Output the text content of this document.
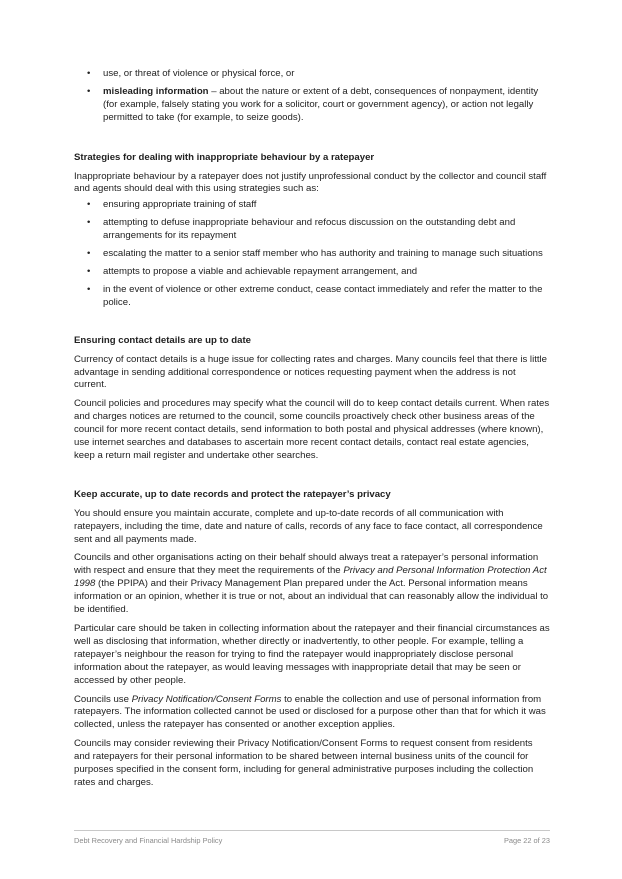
• use, or threat of violence or physical force, or
• misleading information – about the nature or extent of a debt, consequences of nonpayment, identity (for example, falsely stating you work for a solicitor, court or government agency), or action not legally permitted to take (for example, to seize goods).
Strategies for dealing with inappropriate behaviour by a ratepayer

Inappropriate behaviour by a ratepayer does not justify unprofessional conduct by the collector and council staff and agents should deal with this using strategies such as:

• ensuring appropriate training of staff
• attempting to defuse inappropriate behaviour and refocus discussion on the outstanding debt and arrangements for its repayment
• escalating the matter to a senior staff member who has authority and training to manage such situations
• attempts to propose a viable and achievable repayment arrangement, and
• in the event of violence or other extreme conduct, cease contact immediately and refer the matter to the police.
Ensuring contact details are up to date

Currency of contact details is a huge issue for collecting rates and charges. Many councils feel that there is little advantage in sending additional correspondence or notices requesting payment when the address is not current.

Council policies and procedures may specify what the council will do to keep contact details current. When rates and charges notices are returned to the council, some councils proactively check other business areas of the council for more recent contact details, send information to both postal and physical addresses (where known), use internet searches and databases to ascertain more recent contact details, contact real estate agencies, keep a return mail register and undertake other searches.

Keep accurate, up to date records and protect the ratepayer’s privacy

You should ensure you maintain accurate, complete and up-to-date records of all communication with ratepayers, including the time, date and nature of calls, records of any face to face contact, all correspondence sent and all payments made.

Councils and other organisations acting on their behalf should always treat a ratepayer’s personal information with respect and ensure that they meet the requirements of the Privacy and Personal Information Protection Act 1998 (the PPIPA) and their Privacy Management Plan prepared under the Act. Personal information means information or an opinion, whether it is true or not, about an individual that can reasonably allow the individual to be identified.

Particular care should be taken in collecting information about the ratepayer and their financial circumstances as well as disclosing that information, whether directly or inadvertently, to other people. For example, telling a ratepayer’s neighbour the reason for trying to find the ratepayer would inappropriately disclose personal information about the ratepayer, as would leaving messages with inappropriate detail that may be seen or accessed by other people.

Councils use Privacy Notification/Consent Forms to enable the collection and use of personal information from ratepayers. The information collected cannot be used or disclosed for a purpose other than that for which it was collected, unless the ratepayer has consented or another exception applies.

Councils may consider reviewing their Privacy Notification/Consent Forms to request consent from residents and ratepayers for their personal information to be shared between internal business units of the council for purposes specified in the consent form, including for general administrative purposes including the collection rates and charges.

Debt Recovery and Financial Hardship Policy	Page 22 of 23
